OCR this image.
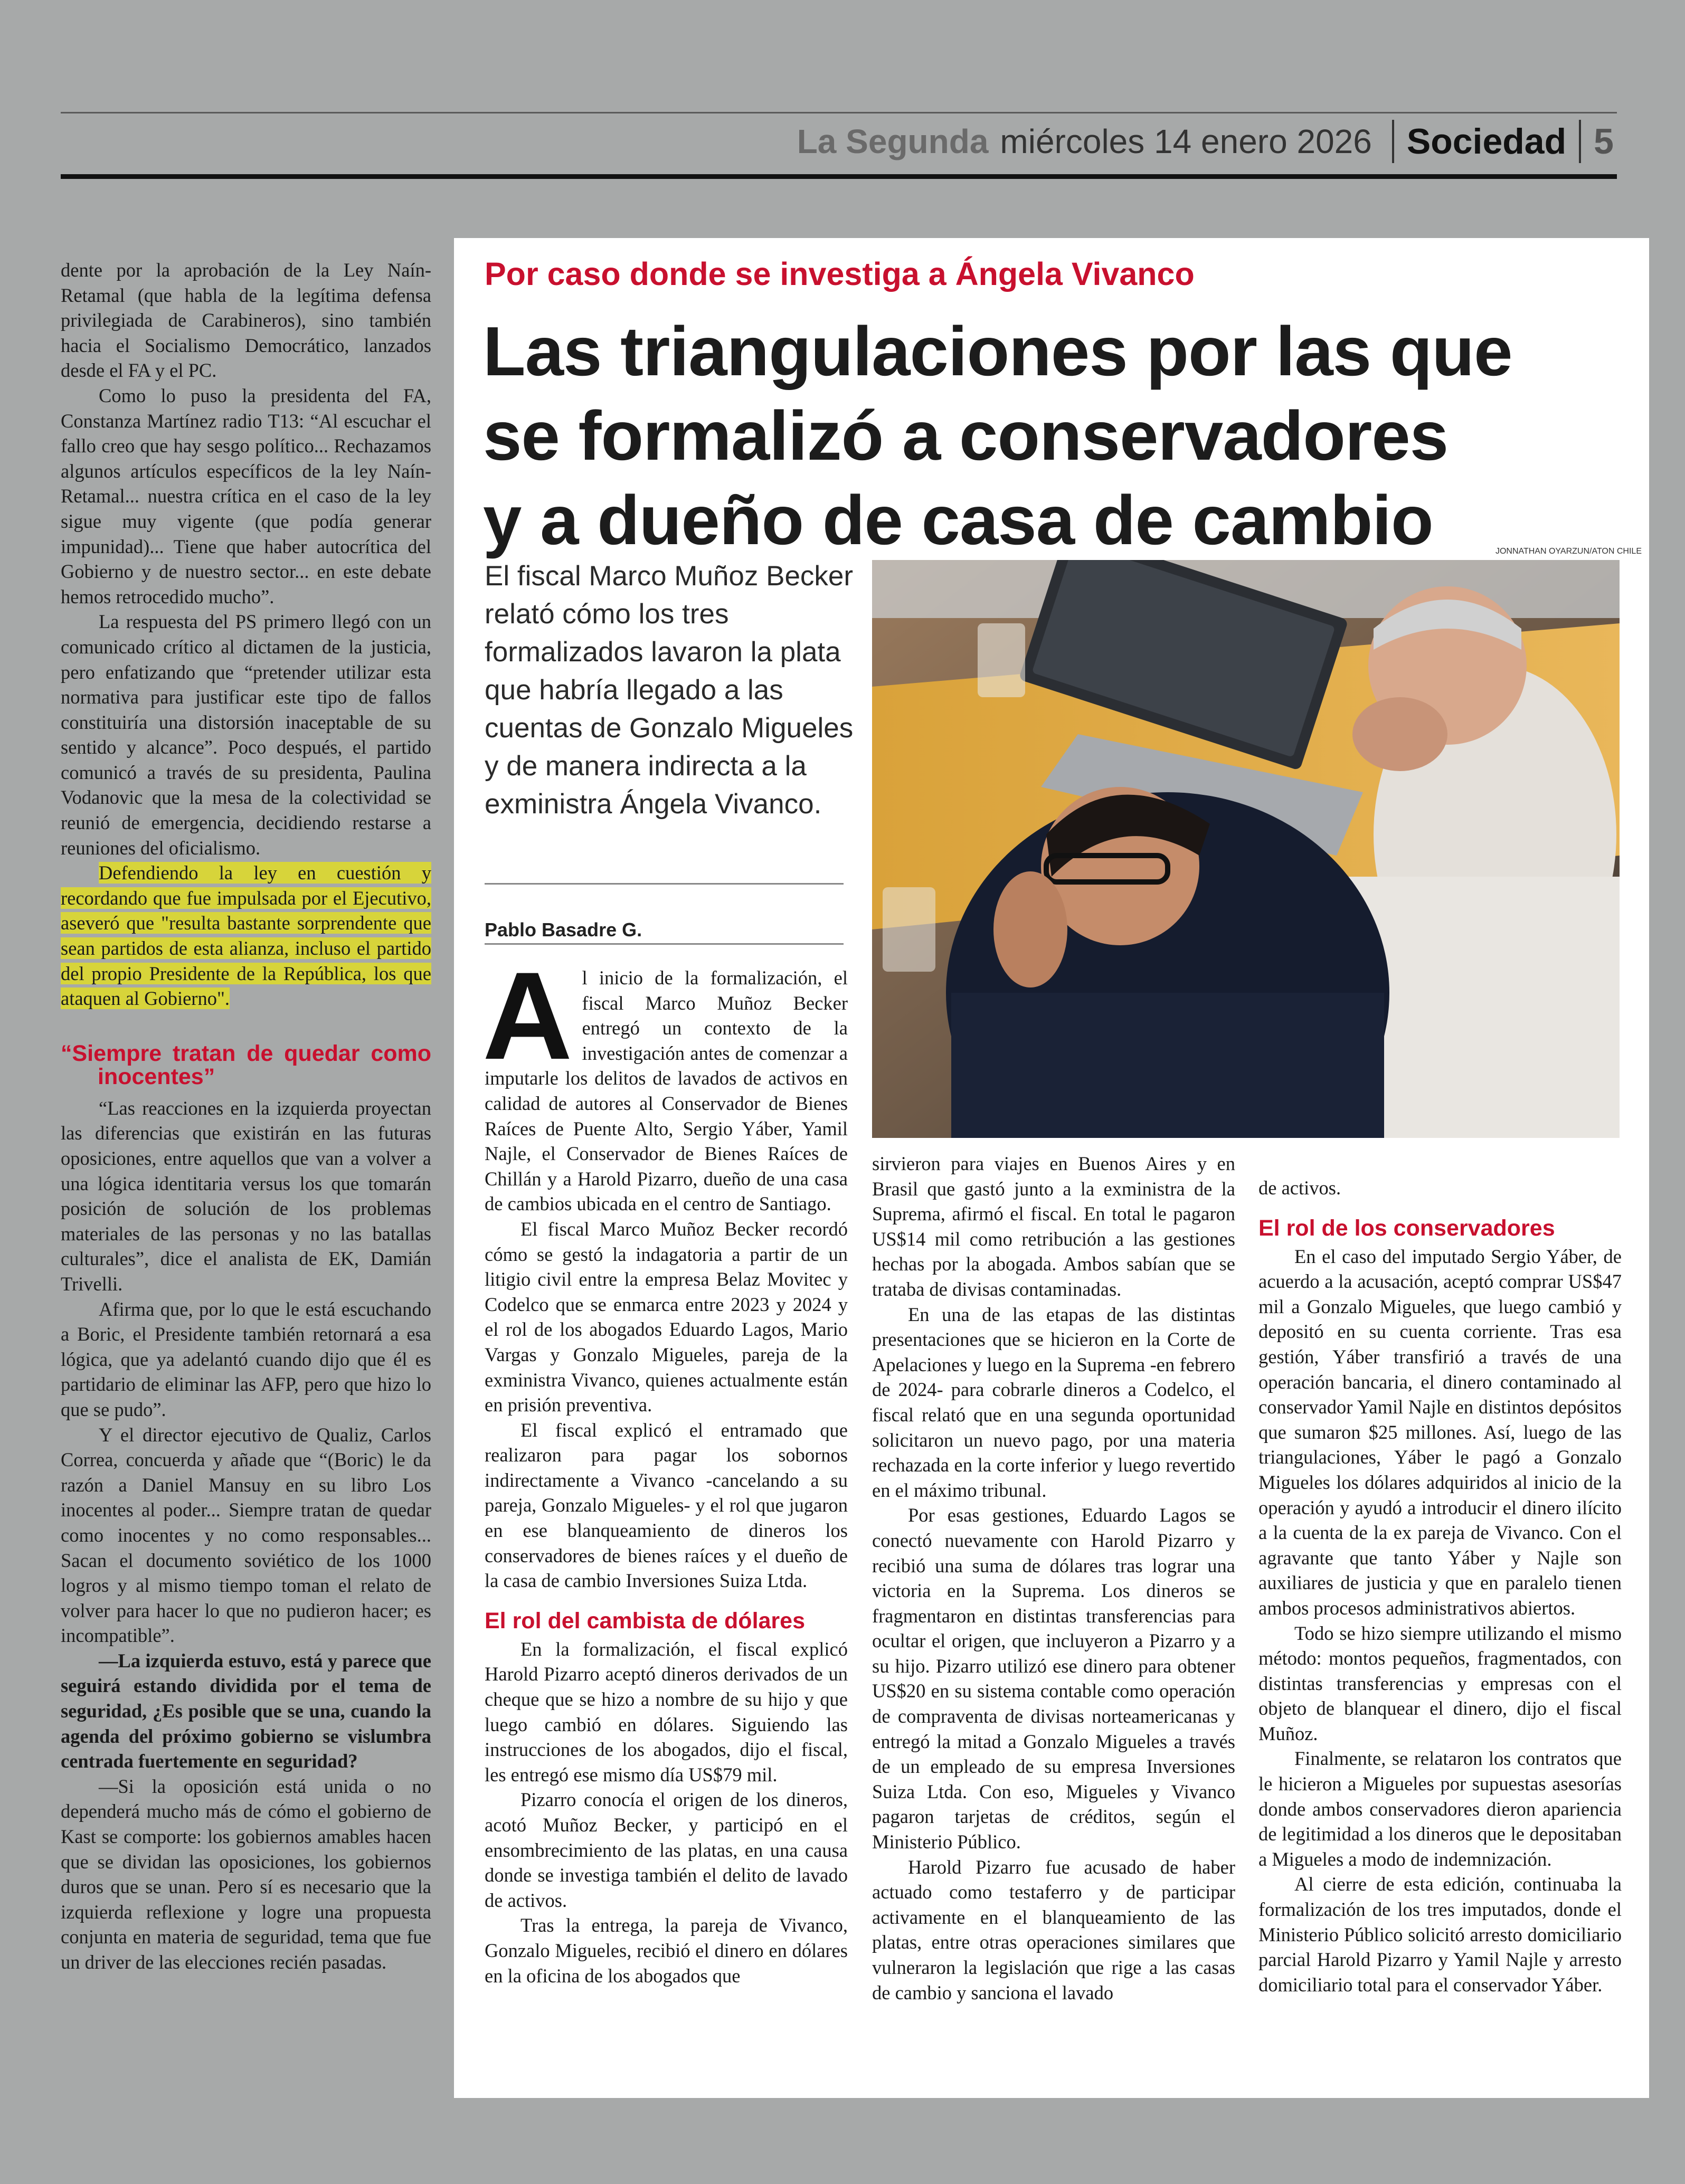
La Segunda miércoles 14 enero 2026 Sociedad 5

dente por la aprobación de la Ley Naín-Retamal (que habla de la legítima defensa privilegiada de Carabineros), sino también hacia el Socialismo Democrático, lanzados desde el FA y el PC.

Como lo puso la presidenta del FA, Constanza Martínez radio T13: “Al escuchar el fallo creo que hay sesgo político... Rechazamos algunos artículos específicos de la ley Naín-Retamal... nuestra crítica en el caso de la ley sigue muy vigente (que podía generar impunidad)... Tiene que haber autocrítica del Gobierno y de nuestro sector... en este debate hemos retrocedido mucho”.

La respuesta del PS primero llegó con un comunicado crítico al dictamen de la justicia, pero enfatizando que “pretender utilizar esta normativa para justificar este tipo de fallos constituiría una distorsión inaceptable de su sentido y alcance”. Poco después, el partido comunicó a través de su presidenta, Paulina Vodanovic que la mesa de la colectividad se reunió de emergencia, decidiendo restarse a reuniones del oficialismo.

Defendiendo la ley en cuestión y recordando que fue impulsada por el Ejecutivo, aseveró que "resulta bastante sorprendente que sean partidos de esta alianza, incluso el partido del propio Presidente de la República, los que ataquen al Gobierno".

“Siempre tratan de quedar como inocentes”

“Las reacciones en la izquierda proyectan las diferencias que existirán en las futuras oposiciones, entre aquellos que van a volver a una lógica identitaria versus los que tomarán posición de solución de los problemas materiales de las personas y no las batallas culturales”, dice el analista de EK, Damián Trivelli.

Afirma que, por lo que le está escuchando a Boric, el Presidente también retornará a esa lógica, que ya adelantó cuando dijo que él es partidario de eliminar las AFP, pero que hizo lo que se pudo”.

Y el director ejecutivo de Qualiz, Carlos Correa, concuerda y añade que “(Boric) le da razón a Daniel Mansuy en su libro Los inocentes al poder... Siempre tratan de quedar como inocentes y no como responsables... Sacan el documento soviético de los 1000 logros y al mismo tiempo toman el relato de volver para hacer lo que no pudieron hacer; es incompatible”.

—La izquierda estuvo, está y parece que seguirá estando dividida por el tema de seguridad, ¿Es posible que se una, cuando la agenda del próximo gobierno se vislumbra centrada fuertemente en seguridad?

—Si la oposición está unida o no dependerá mucho más de cómo el gobierno de Kast se comporte: los gobiernos amables hacen que se dividan las oposiciones, los gobiernos duros que se unan. Pero sí es necesario que la izquierda reflexione y logre una propuesta conjunta en materia de seguridad, tema que fue un driver de las elecciones recién pasadas.

Por caso donde se investiga a Ángela Vivanco
Las triangulaciones por las que
se formalizó a conservadores
y a dueño de casa de cambio	JONNATHAN OYARZUN/ATON CHILE
El fiscal Marco Muñoz Becker relató cómo los tres formalizados lavaron la plata que habría llegado a las cuentas de Gonzalo Migueles y de manera indirecta a la exministra Ángela Vivanco.
Pablo Basadre G.

Al inicio de la formalización, el fiscal Marco Muñoz Becker entregó un contexto de la investigación antes de comenzar a imputarle los delitos de lavados de activos en calidad de autores al Conservador de Bienes Raíces de Puente Alto, Sergio Yáber, Yamil Najle, el Conservador de Bienes Raíces de Chillán y a Harold Pizarro, dueño de una casa de cambios ubicada en el centro de Santiago.

El fiscal Marco Muñoz Becker recordó cómo se gestó la indagatoria a partir de un litigio civil entre la empresa Belaz Movitec y Codelco que se enmarca entre 2023 y 2024 y el rol de los abogados Eduardo Lagos, Mario Vargas y Gonzalo Migueles, pareja de la exministra Vivanco, quienes actualmente están en prisión preventiva.

El fiscal explicó el entramado que realizaron para pagar los sobornos indirectamente a Vivanco -cancelando a su pareja, Gonzalo Migueles- y el rol que jugaron en ese blanqueamiento de dineros los conservadores de bienes raíces y el dueño de la casa de cambio Inversiones Suiza Ltda.

El rol del cambista de dólares

En la formalización, el fiscal explicó Harold Pizarro aceptó dineros derivados de un cheque que se hizo a nombre de su hijo y que luego cambió en dólares. Siguiendo las instrucciones de los abogados, dijo el fiscal, les entregó ese mismo día US$79 mil.

Pizarro conocía el origen de los dineros, acotó Muñoz Becker, y participó en el ensombrecimiento de las platas, en una causa donde se investiga también el delito de lavado de activos.

Tras la entrega, la pareja de Vivanco, Gonzalo Migueles, recibió el dinero en dólares en la oficina de los abogados que

sirvieron para viajes en Buenos Aires y en Brasil que gastó junto a la exministra de la Suprema, afirmó el fiscal. En total le pagaron US$14 mil como retribución a las gestiones hechas por la abogada. Ambos sabían que se trataba de divisas contaminadas.

En una de las etapas de las distintas presentaciones que se hicieron en la Corte de Apelaciones y luego en la Suprema -en febrero de 2024- para cobrarle dineros a Codelco, el fiscal relató que en una segunda oportunidad solicitaron un nuevo pago, por una materia rechazada en la corte inferior y luego revertido en el máximo tribunal.

Por esas gestiones, Eduardo Lagos se conectó nuevamente con Harold Pizarro y recibió una suma de dólares tras lograr una victoria en la Suprema. Los dineros se fragmentaron en distintas transferencias para ocultar el origen, que incluyeron a Pizarro y a su hijo. Pizarro utilizó ese dinero para obtener US$20 en su sistema contable como operación de compraventa de divisas norteamericanas y entregó la mitad a Gonzalo Migueles a través de un empleado de su empresa Inversiones Suiza Ltda. Con eso, Migueles y Vivanco pagaron tarjetas de créditos, según el Ministerio Público.

Harold Pizarro fue acusado de haber actuado como testaferro y de participar activamente en el blanqueamiento de las platas, entre otras operaciones similares que vulneraron la legislación que rige a las casas de cambio y sanciona el lavado

de activos.

El rol de los conservadores

En el caso del imputado Sergio Yáber, de acuerdo a la acusación, aceptó comprar US$47 mil a Gonzalo Migueles, que luego cambió y depositó en su cuenta corriente. Tras esa gestión, Yáber transfirió a través de una operación bancaria, el dinero contaminado al conservador Yamil Najle en distintos depósitos que sumaron $25 millones. Así, luego de las triangulaciones, Yáber le pagó a Gonzalo Migueles los dólares adquiridos al inicio de la operación y ayudó a introducir el dinero ilícito a la cuenta de la ex pareja de Vivanco. Con el agravante que tanto Yáber y Najle son auxiliares de justicia y que en paralelo tienen ambos procesos administrativos abiertos.

Todo se hizo siempre utilizando el mismo método: montos pequeños, fragmentados, con distintas transferencias y empresas con el objeto de blanquear el dinero, dijo el fiscal Muñoz.

Finalmente, se relataron los contratos que le hicieron a Migueles por supuestas asesorías donde ambos conservadores dieron apariencia de legitimidad a los dineros que le depositaban a Migueles a modo de indemnización.

Al cierre de esta edición, continuaba la formalización de los tres imputados, donde el Ministerio Público solicitó arresto domiciliario parcial Harold Pizarro y Yamil Najle y arresto domiciliario total para el conservador Yáber.
